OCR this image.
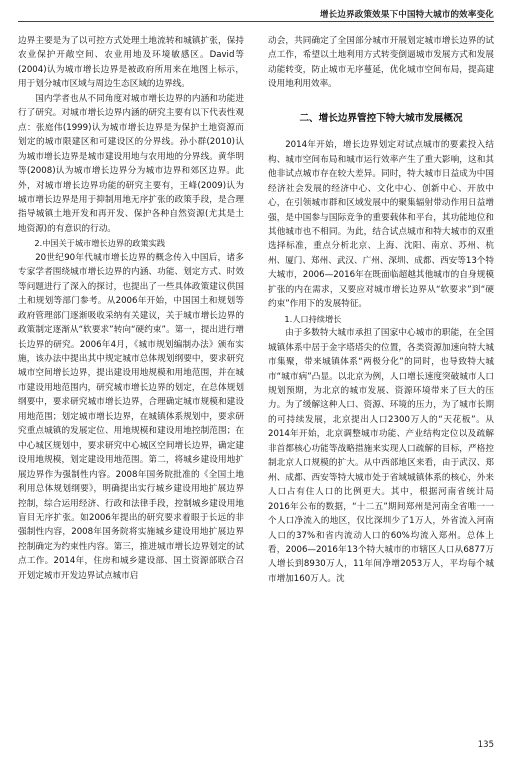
增长边界政策效果下中国特大城市的效率变化

边界主要是为了以可控方式处理土地流转和城镇扩张，保持农业保护开敞空间、农业用地及环境敏感区。David等(2004)认为城市增长边界是被政府所用来在地图上标示，用于划分城市区域与周边生态区域的边界线。

国内学者也从不同角度对城市增长边界的内涵和功能进行了研究。对城市增长边界内涵的研究主要有以下代表性观点：张庭伟(1999)认为城市增长边界是为保护土地资源而划定的城市限建区和可建设区的分界线。孙小群(2010)认为城市增长边界是城市建设用地与农用地的分界线。黄华明等(2008)认为城市增长边界分为城市边界和郊区边界。此外，对城市增长边界功能的研究主要有，王峰(2009)认为城市增长边界是用于抑制用地无序扩张的政策手段，是合理指导城镇土地开发和再开发、保护各种自然资源(尤其是土地资源)的有意识的行动。

2.中国关于城市增长边界的政策实践

20世纪90年代城市增长边界的概念传入中国后，诸多专家学者围绕城市增长边界的内涵、功能、划定方式、时效等问题进行了深入的探讨，也提出了一些具体政策建议供国土和规划等部门参考。从2006年开始，中国国土和规划等政府管理部门逐渐吸收采纳有关建议，关于城市增长边界的政策制定逐渐从“软要求”转向“硬约束”。第一，提出进行增长边界的研究。2006年4月，《城市规划编制办法》颁布实施，该办法中提出其中规定城市总体规划纲要中，要求研究城市空间增长边界，提出建设用地规模和用地范围，并在城市建设用地范围内，研究城市增长边界的划定，在总体规划纲要中，要求研究城市增长边界，合理确定城市规模和建设用地范围；划定城市增长边界，在城镇体系规划中，要求研究重点城镇的发展定位、用地规模和建设用地控制范围；在中心城区规划中，要求研究中心城区空间增长边界，确定建设用地规模，划定建设用地范围。第二，将城乡建设用地扩展边界作为强制性内容。2008年国务院批准的《全国土地利用总体规划纲要》，明确提出实行城乡建设用地扩展边界控制，综合运用经济、行政和法律手段，控制城乡建设用地盲目无序扩张。如2006年提出的研究要求着眼于长远的非强制性内容，2008年国务院将实施城乡建设用地扩展边界控制确定为约束性内容。第三，推进城市增长边界划定的试点工作。2014年，住房和城乡建设部、国土资源部联合召开划定城市开发边界试点城市启

动会，共同确定了全国部分城市开展划定城市增长边界的试点工作，希望以土地利用方式转变倒逼城市发展方式和发展动能转变，防止城市无序蔓延，优化城市空间布局，提高建设用地利用效率。

二、增长边界管控下特大城市发展概况

2014年开始，增长边界划定对试点城市的要素投入结构、城市空间布局和城市运行效率产生了重大影响，这和其他非试点城市存在较大差异。同时，特大城市日益成为中国经济社会发展的经济中心、文化中心、创新中心、开放中心，在引领城市群和区域发展中的聚集辐射带动作用日益增强，是中国参与国际竞争的重要载体和平台，其功能地位和其他城市也不相同。为此，结合试点城市和特大城市的双重选择标准，重点分析北京、上海、沈阳、南京、苏州、杭州、厦门、郑州、武汉、广州、深圳、成都、西安等13个特大城市，2006—2016年在既面临超越其他城市的自身规模扩张的内在需求，又要应对城市增长边界从“软要求”到“硬约束”作用下的发展特征。

1.人口持续增长

由于多数特大城市承担了国家中心城市的职能，在全国城镇体系中居于金字塔塔尖的位置，各类资源加速向特大城市集聚，带来城镇体系“两极分化”的同时，也导致特大城市“城市病”凸显。以北京为例，人口增长速度突破城市人口规划预期，为北京的城市发展、资源环境带来了巨大的压力。为了缓解这种人口、资源、环境的压力，为了城市长期的可持续发展，北京提出人口2300万人的“天花板”。从2014年开始，北京调整城市功能、产业结构定位以及疏解非首都核心功能等战略措施来实现人口疏解的目标，严格控制北京人口规模的扩大。从中西部地区来看，由于武汉、郑州、成都、西安等特大城市处于省域城镇体系的核心，外来人口占有住人口的比例更大。其中，根据河南省统计局2016年公布的数据，“十二五”期间郑州是河南全省唯一一个人口净流入的地区，仅比深圳少了1万人，外省流入河南人口的37%和省内流动人口的60%均流入郑州。总体上看，2006—2016年13个特大城市的市辖区人口从6877万人增长到8930万人，11年间净增2053万人，平均每个城市增加160万人。沈

135
